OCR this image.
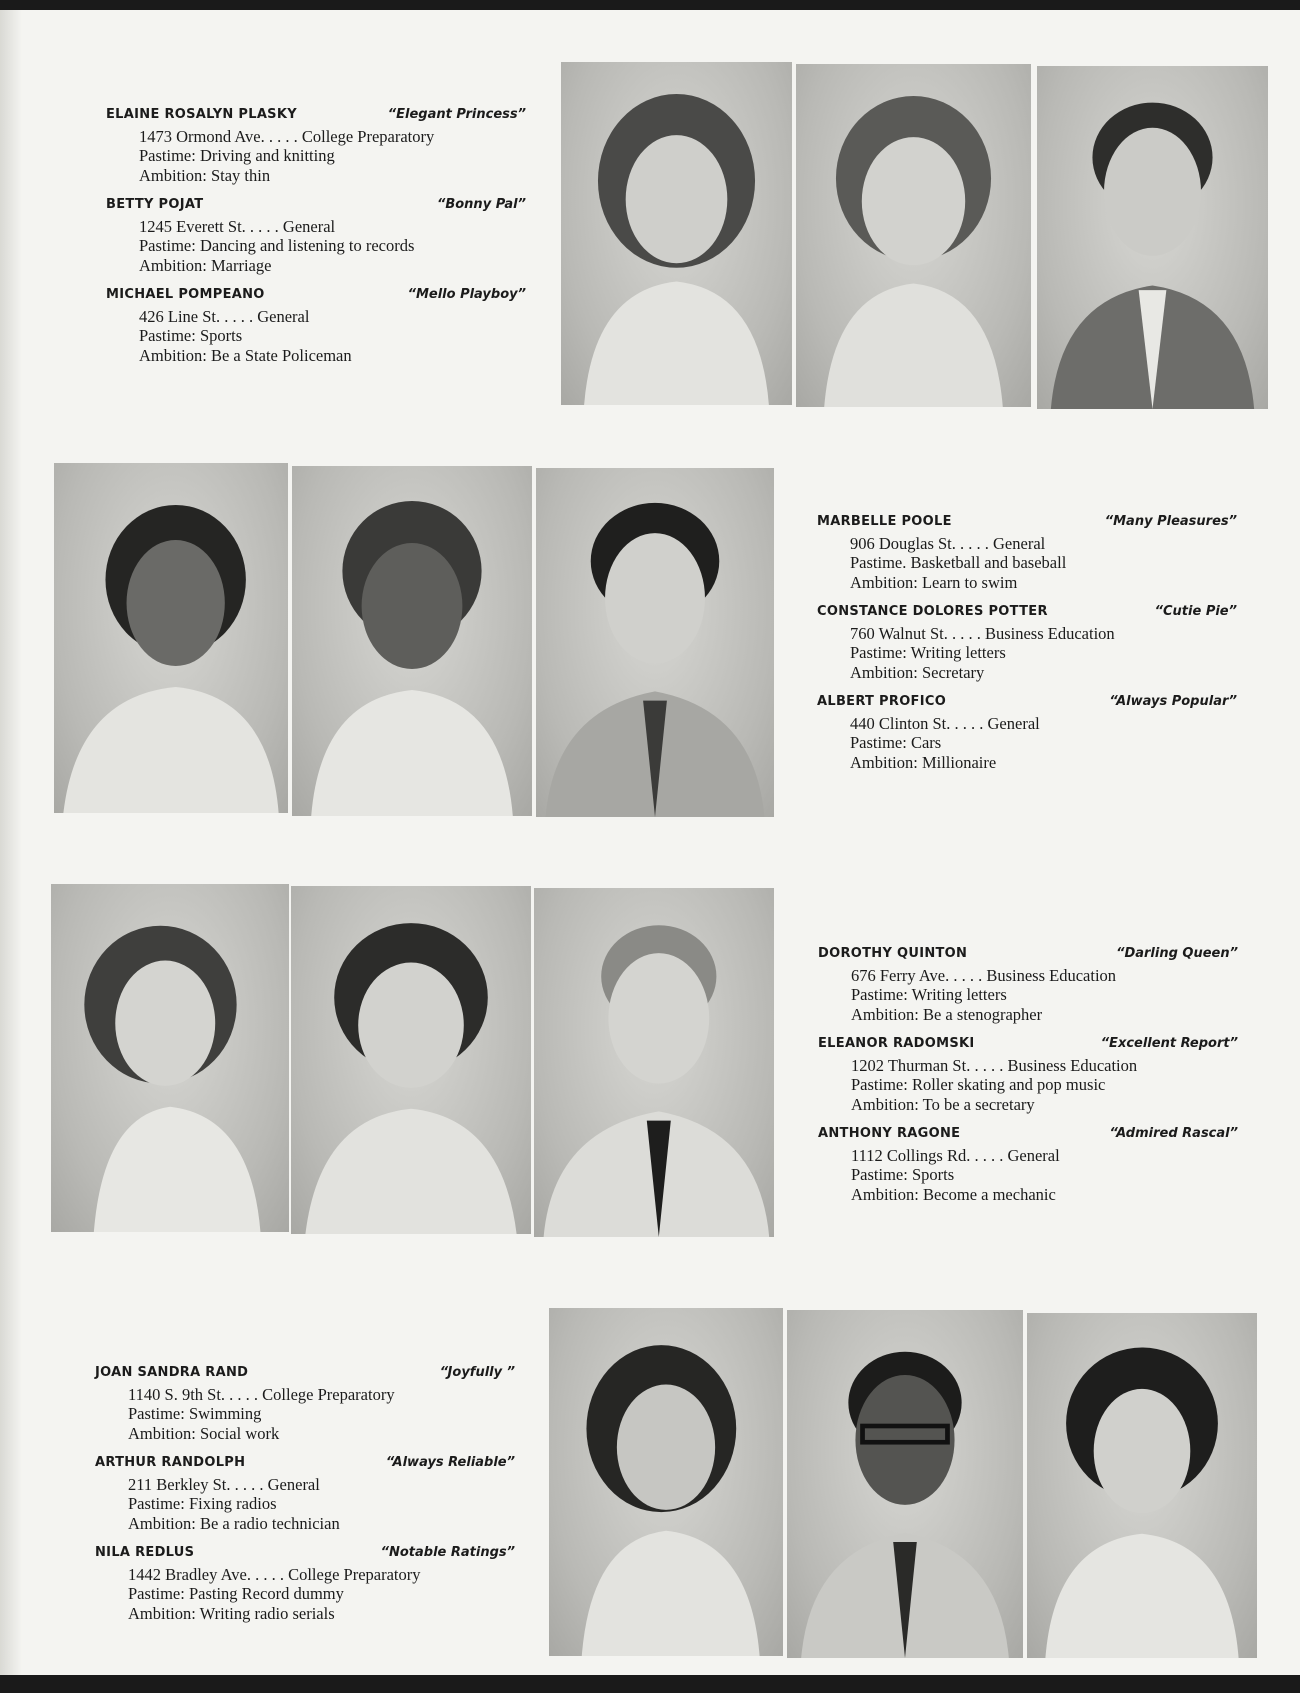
ELAINE ROSALYN PLASKY	“Elegant Princess”
1473 Ormond Ave. . . . . College Preparatory
Pastime: Driving and knitting
Ambition: Stay thin
BETTY POJAT	“Bonny Pal”
1245 Everett St. . . . . General
Pastime: Dancing and listening to records
Ambition: Marriage
MICHAEL POMPEANO	“Mello Playboy”
426 Line St. . . . . General
Pastime: Sports
Ambition: Be a State Policeman
MARBELLE POOLE	“Many Pleasures”
906 Douglas St. . . . . General
Pastime. Basketball and baseball
Ambition: Learn to swim
CONSTANCE DOLORES POTTER	“Cutie Pie”
760 Walnut St. . . . . Business Education
Pastime: Writing letters
Ambition: Secretary
ALBERT PROFICO	“Always Popular”
440 Clinton St. . . . . General
Pastime: Cars
Ambition: Millionaire
DOROTHY QUINTON	“Darling Queen”
676 Ferry Ave. . . . . Business Education
Pastime: Writing letters
Ambition: Be a stenographer
ELEANOR RADOMSKI	“Excellent Report”
1202 Thurman St. . . . . Business Education
Pastime: Roller skating and pop music
Ambition: To be a secretary
ANTHONY RAGONE	“Admired Rascal”
1112 Collings Rd. . . . . General
Pastime: Sports
Ambition: Become a mechanic
JOAN SANDRA RAND	“Joyfully ”
1140 S. 9th St. . . . . College Preparatory
Pastime: Swimming
Ambition: Social work
ARTHUR RANDOLPH	“Always Reliable”
211 Berkley St. . . . . General
Pastime: Fixing radios
Ambition: Be a radio technician
NILA REDLUS	“Notable Ratings”
1442 Bradley Ave. . . . . College Preparatory
Pastime: Pasting Record dummy
Ambition: Writing radio serials
